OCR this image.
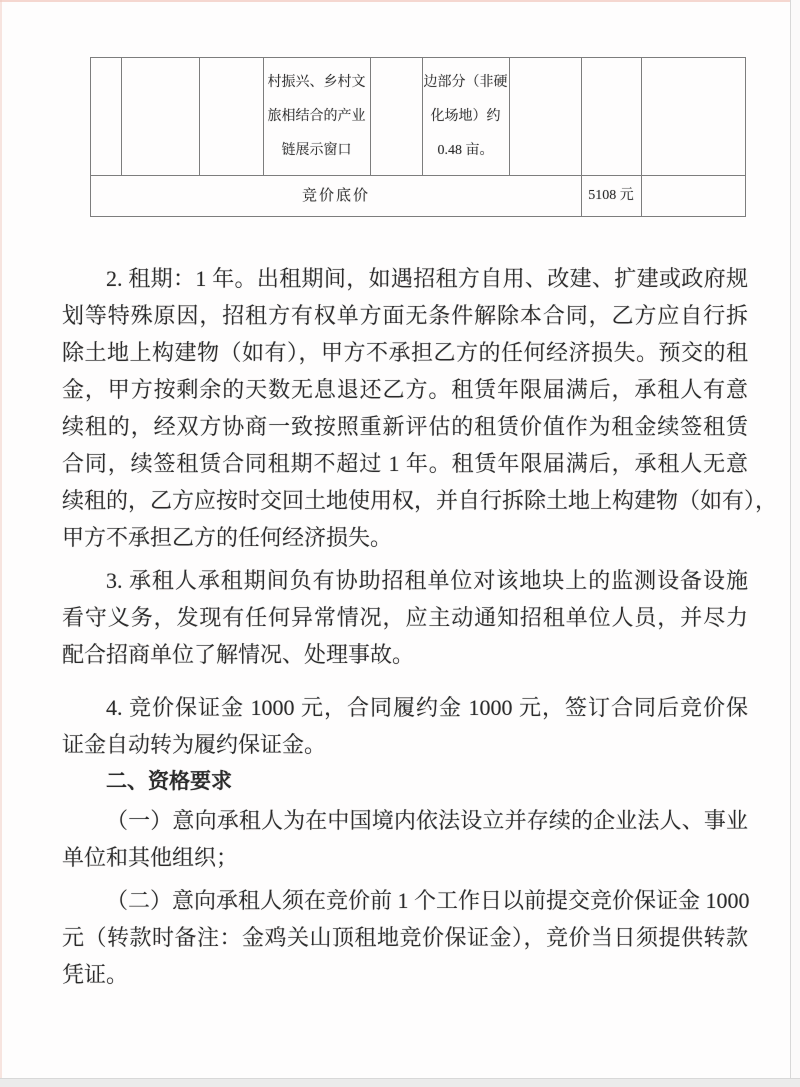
村振兴、乡村文
旅相结合的产业
链展示窗口
边部分（非硬
化场地）约
0.48 亩。
竞价底价	5108 元
2. 租期：1 年。出租期间，如遇招租方自用、改建、扩建或政府规
划等特殊原因，招租方有权单方面无条件解除本合同，乙方应自行拆
除土地上构建物（如有），甲方不承担乙方的任何经济损失。预交的租
金，甲方按剩余的天数无息退还乙方。租赁年限届满后，承租人有意
续租的，经双方协商一致按照重新评估的租赁价值作为租金续签租赁
合同，续签租赁合同租期不超过 1 年。租赁年限届满后，承租人无意
续租的，乙方应按时交回土地使用权，并自行拆除土地上构建物（如有），
甲方不承担乙方的任何经济损失。
3. 承租人承租期间负有协助招租单位对该地块上的监测设备设施
看守义务，发现有任何异常情况，应主动通知招租单位人员，并尽力
配合招商单位了解情况、处理事故。
4. 竞价保证金 1000 元，合同履约金 1000 元，签订合同后竞价保
证金自动转为履约保证金。
二、资格要求
（一）意向承租人为在中国境内依法设立并存续的企业法人、事业
单位和其他组织；
（二）意向承租人须在竞价前 1 个工作日以前提交竞价保证金 1000
元（转款时备注：金鸡关山顶租地竞价保证金），竞价当日须提供转款
凭证。
